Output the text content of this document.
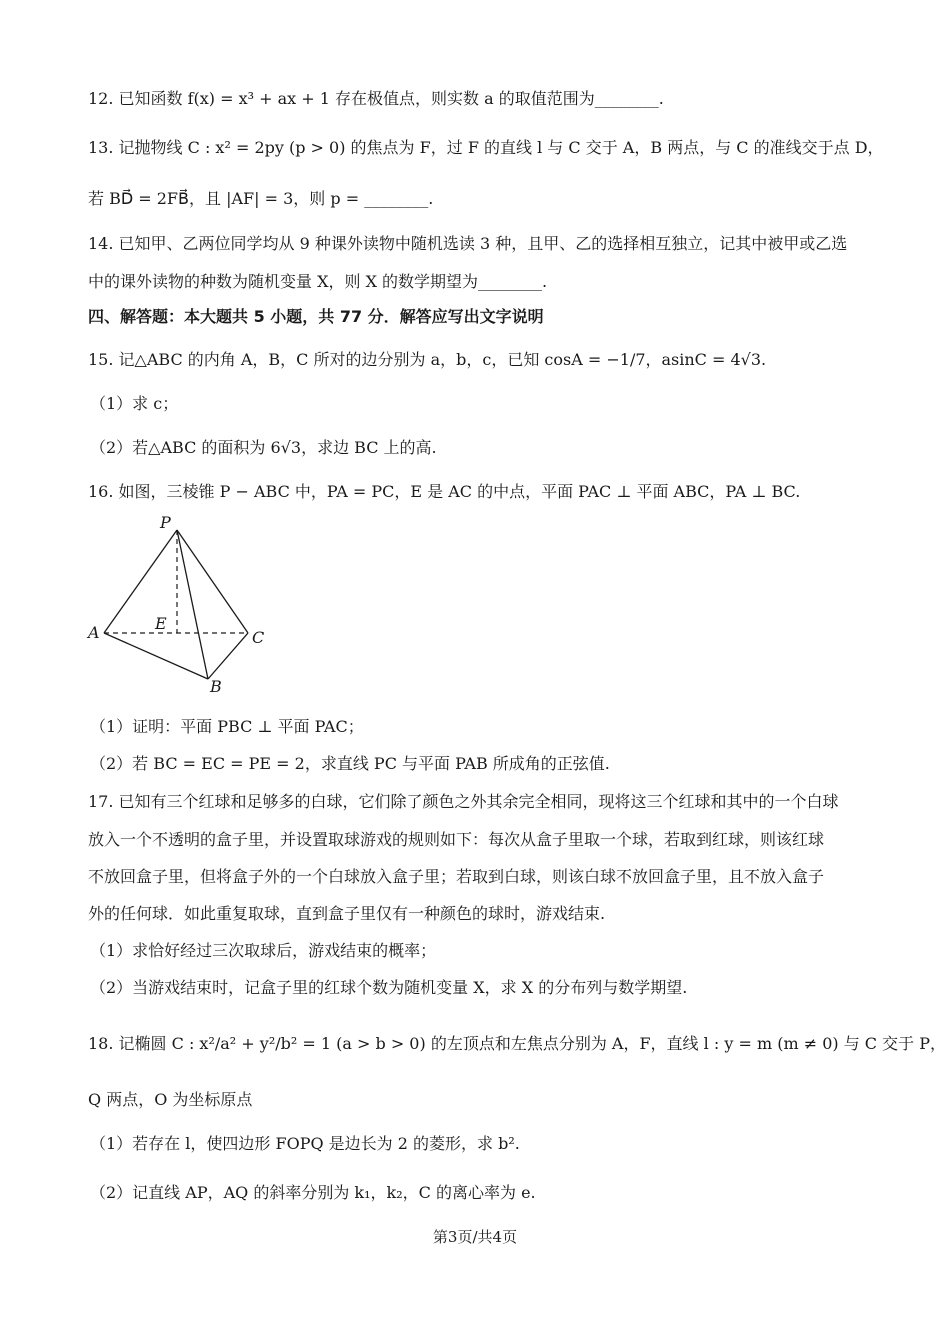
12. 已知函数 f(x) = x³ + ax + 1 存在极值点，则实数 a 的取值范围为________.
13. 记抛物线 C : x² = 2py (p > 0) 的焦点为 F，过 F 的直线 l 与 C 交于 A，B 两点，与 C 的准线交于点 D，
若 BD⃗ = 2FB⃗，且 |AF| = 3，则 p = ________.
14. 已知甲、乙两位同学均从 9 种课外读物中随机选读 3 种，且甲、乙的选择相互独立，记其中被甲或乙选
中的课外读物的种数为随机变量 X，则 X 的数学期望为________.
四、解答题：本大题共 5 小题，共 77 分．解答应写出文字说明
15. 记△ABC 的内角 A，B，C 所对的边分别为 a，b，c，已知 cosA = −1/7，asinC = 4√3.
（1）求 c；
（2）若△ABC 的面积为 6√3，求边 BC 上的高.
16. 如图，三棱锥 P − ABC 中，PA = PC，E 是 AC 的中点，平面 PAC ⊥ 平面 ABC，PA ⊥ BC.
P
A	E
C
B
（1）证明：平面 PBC ⊥ 平面 PAC；
（2）若 BC = EC = PE = 2，求直线 PC 与平面 PAB 所成角的正弦值.
17. 已知有三个红球和足够多的白球，它们除了颜色之外其余完全相同，现将这三个红球和其中的一个白球
放入一个不透明的盒子里，并设置取球游戏的规则如下：每次从盒子里取一个球，若取到红球，则该红球
不放回盒子里，但将盒子外的一个白球放入盒子里；若取到白球，则该白球不放回盒子里，且不放入盒子
外的任何球．如此重复取球，直到盒子里仅有一种颜色的球时，游戏结束.
（1）求恰好经过三次取球后，游戏结束的概率；
（2）当游戏结束时，记盒子里的红球个数为随机变量 X，求 X 的分布列与数学期望.
18. 记椭圆 C : x²/a² + y²/b² = 1 (a > b > 0) 的左顶点和左焦点分别为 A，F，直线 l : y = m (m ≠ 0) 与 C 交于 P，
Q 两点，O 为坐标原点
（1）若存在 l，使四边形 FOPQ 是边长为 2 的菱形，求 b².
（2）记直线 AP，AQ 的斜率分别为 k₁，k₂，C 的离心率为 e.
第3页/共4页
